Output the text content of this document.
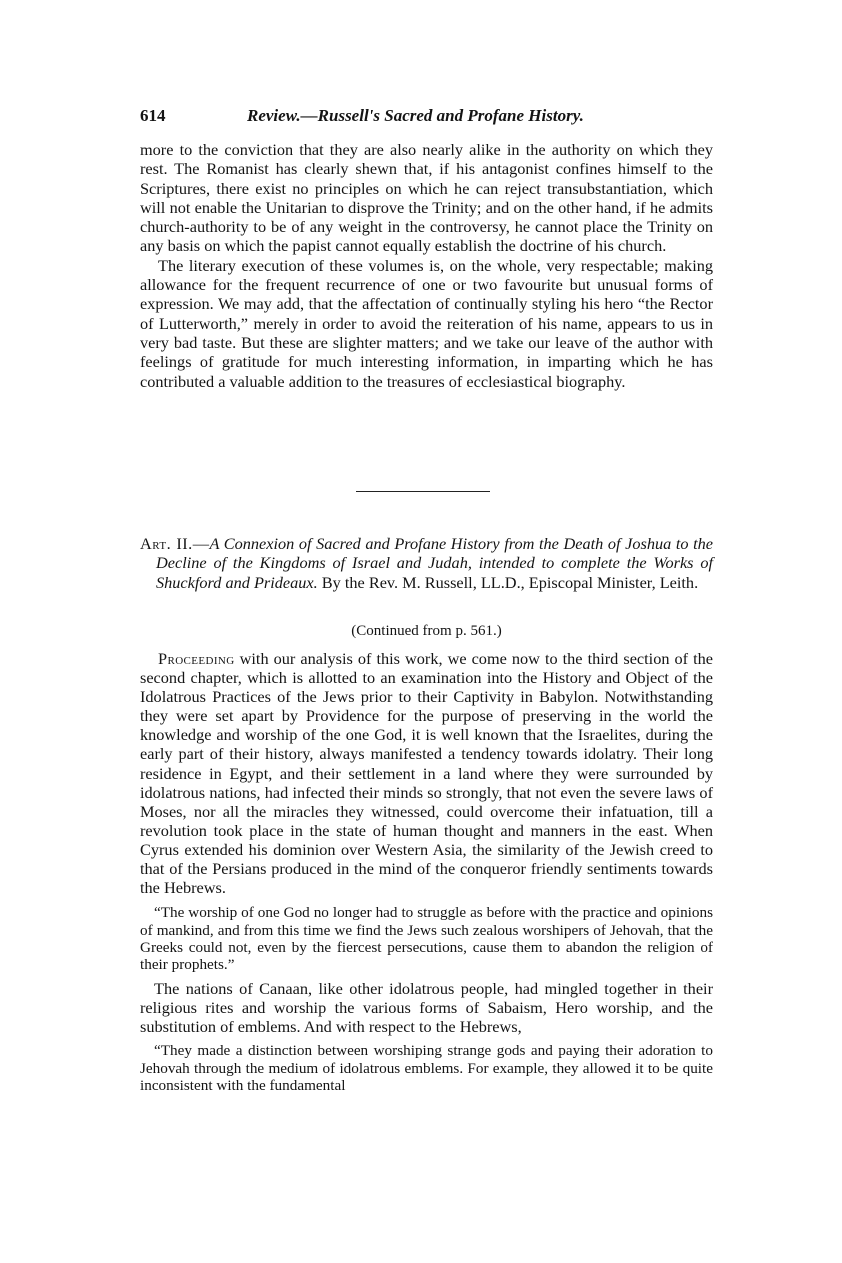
614	Review.—Russell's Sacred and Profane History.

more to the conviction that they are also nearly alike in the authority on which they rest. The Romanist has clearly shewn that, if his antagonist confines himself to the Scriptures, there exist no principles on which he can reject transubstantiation, which will not enable the Unitarian to disprove the Trinity; and on the other hand, if he admits church-authority to be of any weight in the controversy, he cannot place the Trinity on any basis on which the papist cannot equally establish the doctrine of his church.

The literary execution of these volumes is, on the whole, very respectable; making allowance for the frequent recurrence of one or two favourite but unusual forms of expression. We may add, that the affectation of continually styling his hero “the Rector of Lutterworth,” merely in order to avoid the reiteration of his name, appears to us in very bad taste. But these are slighter matters; and we take our leave of the author with feelings of gratitude for much interesting information, in imparting which he has contributed a valuable addition to the treasures of ecclesiastical biography.

Art. II.—A Connexion of Sacred and Profane History from the Death of Joshua to the Decline of the Kingdoms of Israel and Judah, intended to complete the Works of Shuckford and Prideaux. By the Rev. M. Russell, LL.D., Episcopal Minister, Leith.

(Continued from p. 561.)

Proceeding with our analysis of this work, we come now to the third section of the second chapter, which is allotted to an examination into the History and Object of the Idolatrous Practices of the Jews prior to their Captivity in Babylon. Notwithstanding they were set apart by Providence for the purpose of preserving in the world the knowledge and worship of the one God, it is well known that the Israelites, during the early part of their history, always manifested a tendency towards idolatry. Their long residence in Egypt, and their settlement in a land where they were surrounded by idolatrous nations, had infected their minds so strongly, that not even the severe laws of Moses, nor all the miracles they witnessed, could overcome their infatuation, till a revolution took place in the state of human thought and manners in the east. When Cyrus extended his dominion over Western Asia, the similarity of the Jewish creed to that of the Persians produced in the mind of the conqueror friendly sentiments towards the Hebrews.

“The worship of one God no longer had to struggle as before with the practice and opinions of mankind, and from this time we find the Jews such zealous worshipers of Jehovah, that the Greeks could not, even by the fiercest persecutions, cause them to abandon the religion of their prophets.”

The nations of Canaan, like other idolatrous people, had mingled together in their religious rites and worship the various forms of Sabaism, Hero worship, and the substitution of emblems. And with respect to the Hebrews,

“They made a distinction between worshiping strange gods and paying their adoration to Jehovah through the medium of idolatrous emblems. For example, they allowed it to be quite inconsistent with the fundamental
